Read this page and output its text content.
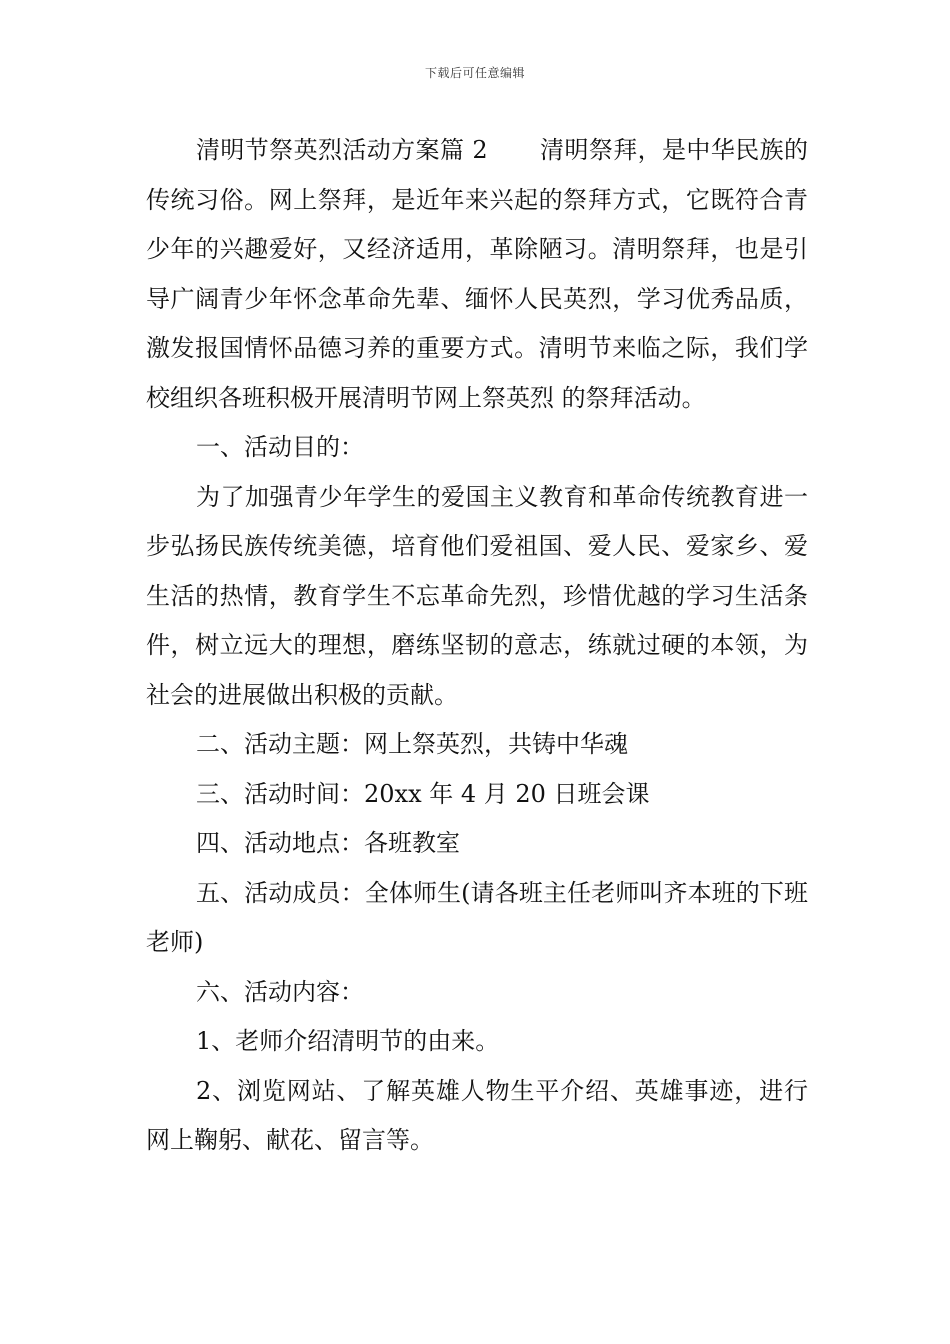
下载后可任意编辑

清明节祭英烈活动方案篇 2 清明祭拜，是中华民族的传统习俗。网上祭拜，是近年来兴起的祭拜方式，它既符合青少年的兴趣爱好，又经济适用，革除陋习。清明祭拜，也是引导广阔青少年怀念革命先辈、缅怀人民英烈，学习优秀品质，激发报国情怀品德习养的重要方式。清明节来临之际，我们学校组织各班积极开展清明节网上祭英烈 的祭拜活动。

一、活动目的：

为了加强青少年学生的爱国主义教育和革命传统教育进一步弘扬民族传统美德，培育他们爱祖国、爱人民、爱家乡、爱生活的热情，教育学生不忘革命先烈，珍惜优越的学习生活条件，树立远大的理想，磨练坚韧的意志，练就过硬的本领，为社会的进展做出积极的贡献。

二、活动主题：网上祭英烈，共铸中华魂

三、活动时间：20xx 年 4 月 20 日班会课

四、活动地点：各班教室

五、活动成员：全体师生(请各班主任老师叫齐本班的下班老师)

六、活动内容：

1、老师介绍清明节的由来。

2、浏览网站、了解英雄人物生平介绍、英雄事迹，进行网上鞠躬、献花、留言等。
